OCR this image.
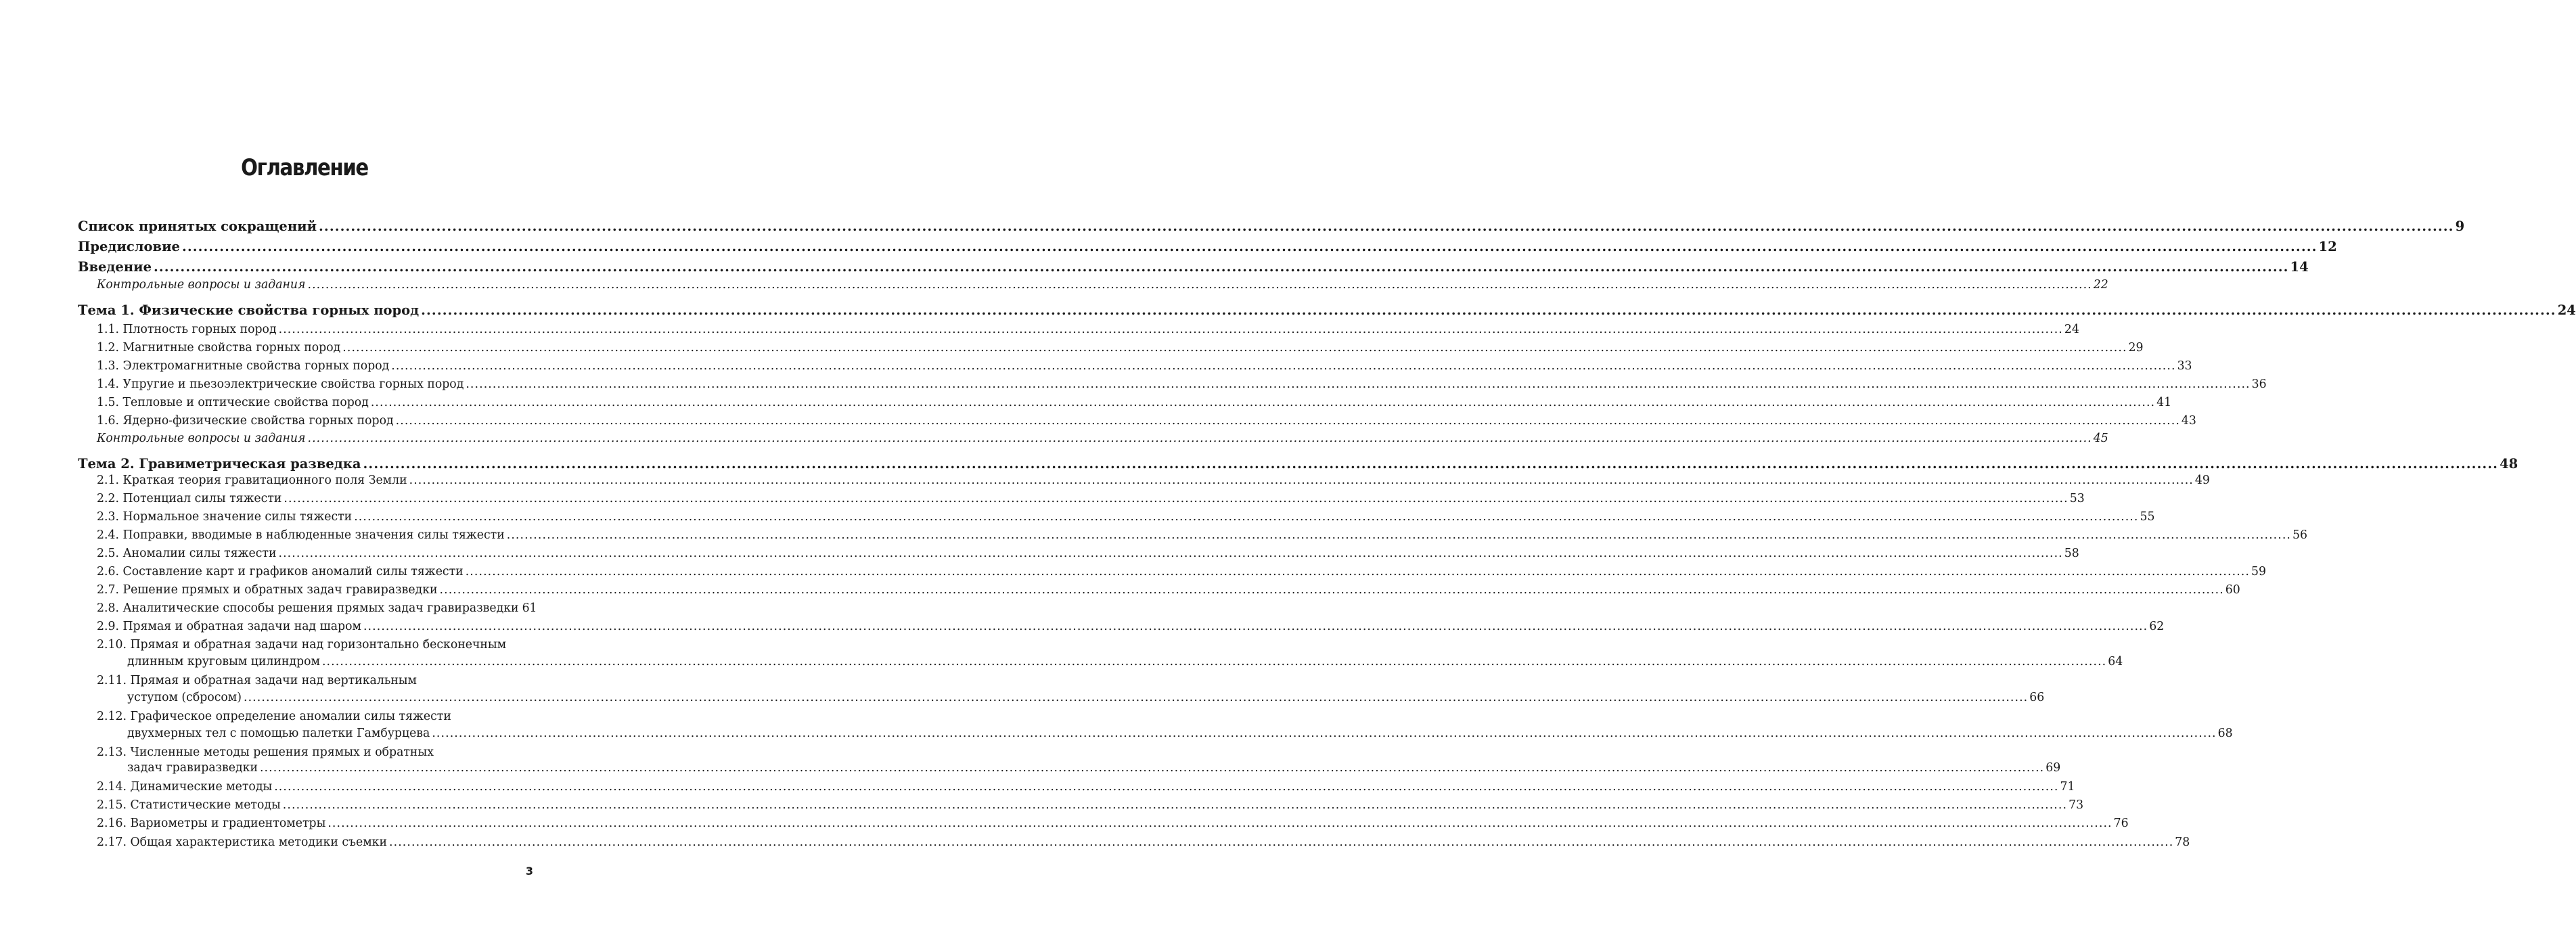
Оглавление
Список принятых сокращений ................................................................................................................................................................................................................................................................................................................................................................................................................ 9
Предисловие ................................................................................................................................................................................................................................................................................................................................................................................................................ 12
Введение ................................................................................................................................................................................................................................................................................................................................................................................................................ 14
Контрольные вопросы и задания ................................................................................................................................................................................................................................................................................................................................................................................................................ 22
Тема 1. Физические свойства горных пород ................................................................................................................................................................................................................................................................................................................................................................................................................ 24
1.1. Плотность горных пород ................................................................................................................................................................................................................................................................................................................................................................................................................ 24
1.2. Магнитные свойства горных пород ................................................................................................................................................................................................................................................................................................................................................................................................................ 29
1.3. Электромагнитные свойства горных пород ................................................................................................................................................................................................................................................................................................................................................................................................................ 33
1.4. Упругие и пьезоэлектрические свойства горных пород ................................................................................................................................................................................................................................................................................................................................................................................................................ 36
1.5. Тепловые и оптические свойства пород ................................................................................................................................................................................................................................................................................................................................................................................................................ 41
1.6. Ядерно-физические свойства горных пород ................................................................................................................................................................................................................................................................................................................................................................................................................ 43
Контрольные вопросы и задания ................................................................................................................................................................................................................................................................................................................................................................................................................ 45
Тема 2. Гравиметрическая разведка ................................................................................................................................................................................................................................................................................................................................................................................................................ 48
2.1. Краткая теория гравитационного поля Земли ................................................................................................................................................................................................................................................................................................................................................................................................................ 49
2.2. Потенциал силы тяжести ................................................................................................................................................................................................................................................................................................................................................................................................................ 53
2.3. Нормальное значение силы тяжести ................................................................................................................................................................................................................................................................................................................................................................................................................ 55
2.4. Поправки, вводимые в наблюденные значения силы тяжести ................................................................................................................................................................................................................................................................................................................................................................................................................ 56
2.5. Аномалии силы тяжести ................................................................................................................................................................................................................................................................................................................................................................................................................ 58
2.6. Составление карт и графиков аномалий силы тяжести ................................................................................................................................................................................................................................................................................................................................................................................................................ 59
2.7. Решение прямых и обратных задач гравиразведки ................................................................................................................................................................................................................................................................................................................................................................................................................ 60
2.8. Аналитические способы решения прямых задач гравиразведки 61
2.9. Прямая и обратная задачи над шаром ................................................................................................................................................................................................................................................................................................................................................................................................................ 62
2.10. Прямая и обратная задачи над горизонтально бесконечным
длинным круговым цилиндром ................................................................................................................................................................................................................................................................................................................................................................................................................ 64
2.11. Прямая и обратная задачи над вертикальным
уступом (сбросом) ................................................................................................................................................................................................................................................................................................................................................................................................................ 66
2.12. Графическое определение аномалии силы тяжести
двухмерных тел с помощью палетки Гамбурцева ................................................................................................................................................................................................................................................................................................................................................................................................................ 68
2.13. Численные методы решения прямых и обратных
задач гравиразведки ................................................................................................................................................................................................................................................................................................................................................................................................................ 69
2.14. Динамические методы ................................................................................................................................................................................................................................................................................................................................................................................................................ 71
2.15. Статистические методы ................................................................................................................................................................................................................................................................................................................................................................................................................ 73
2.16. Вариометры и градиентометры ................................................................................................................................................................................................................................................................................................................................................................................................................ 76
2.17. Общая характеристика методики съемки ................................................................................................................................................................................................................................................................................................................................................................................................................ 78
3
